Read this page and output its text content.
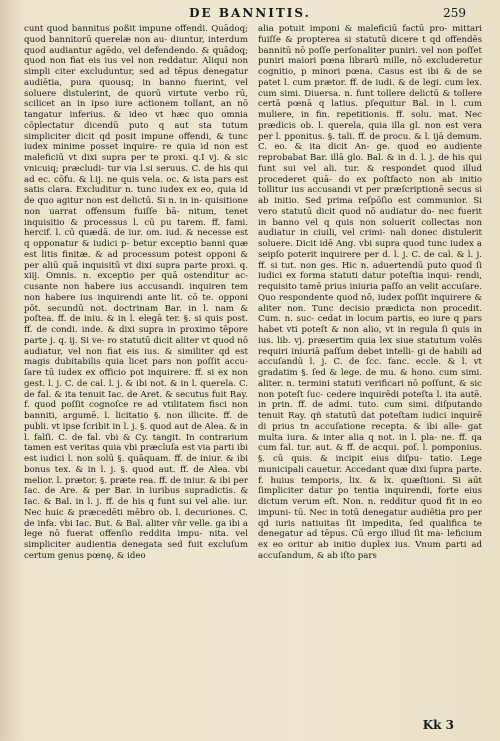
DE BANNITIS.	259

cunt quod bannitus poßit impune offendi. Quādoq; quod bannitorū querelæ non au- diuntur, interdum quod audiantur agēdo, vel defendendo. & quādoq; quod non fiat eis ius vel non reddatur. Aliqui non simpli citer excluduntur, sed ad tēpus denegatur audiētia, pura quousq; in banno fuerint, vel soluere distulerint, de quorū virtute verbo rū, scilicet an in ipso iure actionem tollant, an nō tangatur inferius. & ideo vt hæc quo omnia cōplectatur dicendū puto q aut sta tutum simpliciter dicit qd posit impune offendi, & tunc iudex minime posset inquire- re quia id non est maleficiū vt dixi supra per te proxi. q.I vj. & sic vnicuiq; prӕcludi- tur via l.si seruus. C. de his qui ad ec. cōfu. & l.ij. ne quis vela. oc. & ista pars est satis clara. Excluditur n. tunc iudex ex eo, quia id de quo agitur non est delictū. Si n. in in- quisitione non uarrat offensum fuiſſe bā- nitum, tenet inquisitio & processus l. cū pu tarem. ff. fami. hercif. l. cū quædā. de iur. om. iud. & necesse est q opponatur & iudici p- betur exceptio banni quæ est litis finitæ. & ad processum potest opponi & per aliū quā inquisitū vt dixi supra parte proxi. q. xiij. Omnis. n. exceptio per quā ostenditur ac- cusante non habere ius accusandi. inquiren tem non habere ius inquirendi ante lit. cō te. opponi pōt. secundū not. doctrinam Bar. in l. nam & poſtea. ff. de iniu. & in l. elegā ter. §. si quis post. ff. de condi. inde. & dixi supra in proximo tēpore parte j. q. ij. Si ve- ro statutū dicit aliter vt quod nō audiatur, vel non fiat eis ius. & similiter qd est magis dubitabilis quia licet pars non poſſit accu- ſare tū iudex ex officio pot inquirere. ff. si ex non gest. l. j. C. de cal. l. j. & ibi not. & in l. querela. C. de fal. & ita tenuit Iac. de Aret. & secutus fuit Ray. f. quod poſſit cognoſce re ad vtilitatem fisci non banniti, argumē. l. licitatio §. non illicite. ff. de publi. vt ipse ſcribit in l. j. §. quod aut de Alea. & in l. falſi. C. de fal. vbi & Cy. tangit. In contrarium tamen est veritas quia vbi præcluſa est via parti ibi est iudici l. non solū §. quāquam. ff. de iniur. & ibi bonus tex. & in l. j. §. quod aut. ff. de Alea. vbi melior. l. prætor. §. præte rea. ff. de iniur. & ibi per Iac. de Are. & per Bar. in iuribus supradictis. & Iac. & Bal. in l. j. ff. de his q funt sui vel alie. iur. Nec huic & præcedēti mēbro ob. l. decuriones. C. de infa. vbi Iac. But. & Bal. aliter vñr velle. ga ibi a lege nō fuerat offenſio reddita impu- nita. vel simpliciter audientia denegata sed fuit excluſum certum genus pœnę, & ideo

alia potuit imponi & maleficiū factū pro- mittari fuiſſe & propterea si statutū dicere t qd offendēs bannitū nō poſſe perſonaliter puniri. vel non poſſet puniri maiori pœna librarū mille, nō excluderetur cognitio, p minori pœna. Casus est ibi & de se patet l. cum prætor. ff. de iudi. & de legi. cum lex. cum simi. Diuersa. n. funt tollere delictū & tollere certā pœnā q latius. pſequitur Bal. in l. cum muliere, in fin. repetitionis. ff. solu. mat. Nec prædicis ob. l. querela, quia illa gl. non est vera per l. pponitus. §. tali. ff. de procu. & l. ijā demum. C. eo. & ita dicit An- ge. quod eo audiente reprobabat Bar. illā glo. Bal. & in d. l. j. de his qui funt sui vel ali. tur. & respondet quod illud procederet quā- do ex poſtfacto non ab initio tollitur ius accusandi vt per præſcriptionē secus si ab initio. Sed prima reſpōſio est communior. Si vero statutū dicit quod nō audiatur do- nec fuerit in banno vel q quis non soluerit collectas non audiatur in ciuili, vel crimi- nali donec distulerit soluere. Dicit idē Ang. vbi supra quod tunc iudex a seipſo poterit inquirere per d. l. j. C. de cal. & l. j. ff. si tut. non ges. Hic n. aduertendū puto quod ſi iudici ex forma statuti datur poteſtia inqui- rendi, requisito tamē prius iniuria paſſo an velit accuſare. Quo respondente quod nō, iudex poſſit inquirere & aliter non. Tunc decisio prædicta non procedit. Cum. n. suc- cedat in locum partis, eo iure q pars habet vti poteſt & non alio, vt in regula ſi quis in ius. lib. vj. præsertim quia lex siue statutum volēs requiri iniuriā paſſum debet intelli- gi de habili ad accuſandū l. j. C. de ſcc. fanc. eccle. & l. vt gradatim §. ſed & lege. de mu. & hono. cum simi. aliter. n. termini statuti verificari nō poſſunt, & sic non poteſt ſuc- cedere inquirēdi poteſta l. ita autē. in prin. ff. de admi. tuto. cum simi. diſputando tenuit Ray. qñ statutū dat poteſtam iudici inquirē di prius tn accuſatione recepta. & ibi alle- gat multa iura. & inter alia q not. in l. pla- ne. ff. qa cum fal. tur. aut. & ff. de acqui. poſ. l. pomponius. §. cū quis. & incipit eius diſpu- tatio. Lege municipali cauetur. Accedant quæ dixi ſupra parte. f. huius temporis, lix. & lx. quæſtioni. Si aūt ſimpliciter datur po tentia inquirendi, forte eius dictum verum eſt. Non. n. redditur quod fit in eo impuni- tū. Nec in totū denegatur audiētia pro per qd iuris natiuitas ſit impedita, ſed qualifica te denegatur ad tēpus. Cū ergo illud ſit ma- leficium ex eo oritur ab initio duplex ius. Vnum parti ad accuſandum, & ab iſto pars

Kk 3
